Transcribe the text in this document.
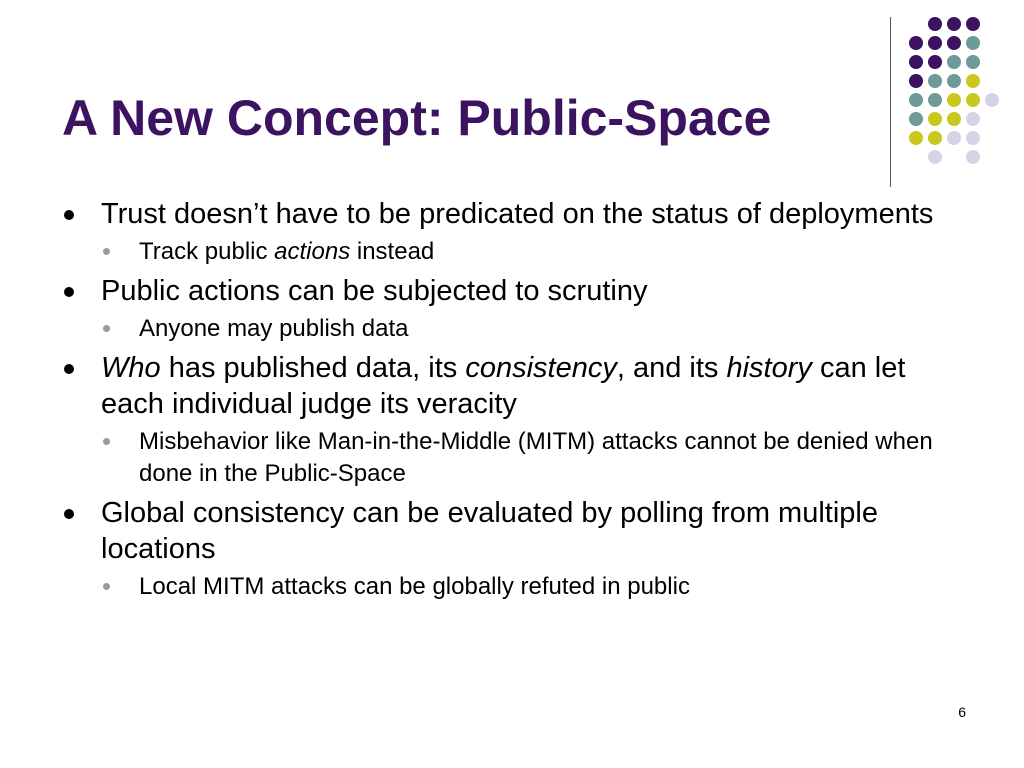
A New Concept: Public-Space
Trust doesn’t have to be predicated on the status of deployments
Track public actions instead
Public actions can be subjected to scrutiny
Anyone may publish data
Who has published data, its consistency, and its history can let each individual judge its veracity
Misbehavior like Man-in-the-Middle (MITM) attacks cannot be denied when done in the Public-Space
Global consistency can be evaluated by polling from multiple locations
Local MITM attacks can be globally refuted in public
6
